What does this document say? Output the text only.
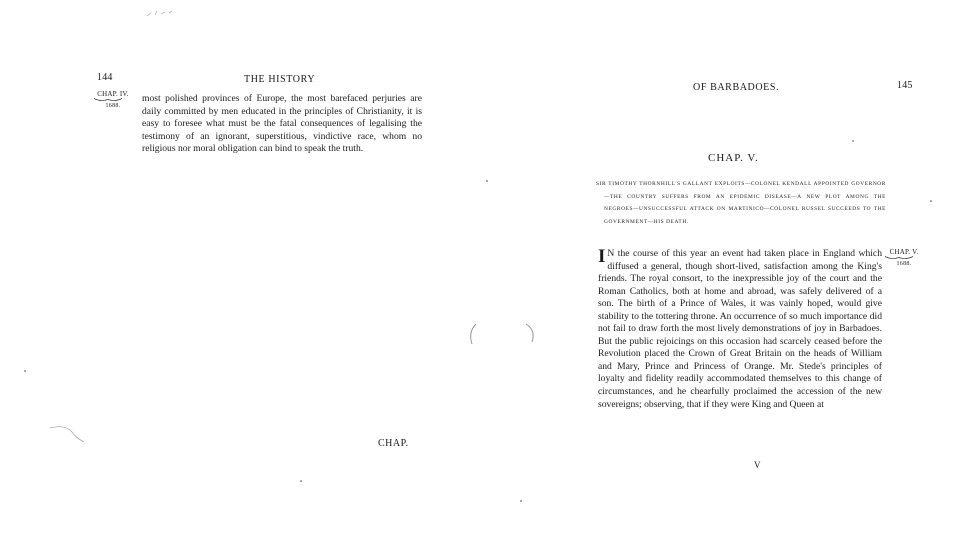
144	THE HISTORY
CHAP. IV.
1688.

most polished provinces of Europe, the most barefaced perjuries are daily committed by men educated in the principles of Christianity, it is easy to foresee what must be the fatal consequences of legalising the testimony of an ignorant, superstitious, vindictive race, whom no religious nor moral obligation can bind to speak the truth.

CHAP.
OF BARBADOES.	145
CHAP. V.

SIR TIMOTHY THORNHILL'S GALLANT EXPLOITS—COLONEL KENDALL APPOINTED GOVERNOR—THE COUNTRY SUFFERS FROM AN EPIDEMIC DISEASE—A NEW PLOT AMONG THE NEGROES—UNSUCCESSFUL ATTACK ON MARTINICO—COLONEL RUSSEL SUCCEEDS TO THE GOVERNMENT—HIS DEATH.

CHAP. V.
1688.

I N the course of this year an event had taken place in England which diffused a general, though short-lived, satisfaction among the King's friends. The royal consort, to the inexpressible joy of the court and the Roman Catholics, both at home and abroad, was safely delivered of a son. The birth of a Prince of Wales, it was vainly hoped, would give stability to the tottering throne. An occurrence of so much importance did not fail to draw forth the most lively demonstrations of joy in Barbadoes. But the public rejoicings on this occasion had scarcely ceased before the Revolution placed the Crown of Great Britain on the heads of William and Mary, Prince and Princess of Orange. Mr. Stede's principles of loyalty and fidelity readily accommodated themselves to this change of circumstances, and he chearfully proclaimed the accession of the new sovereigns; observing, that if they were King and Queen at

V
